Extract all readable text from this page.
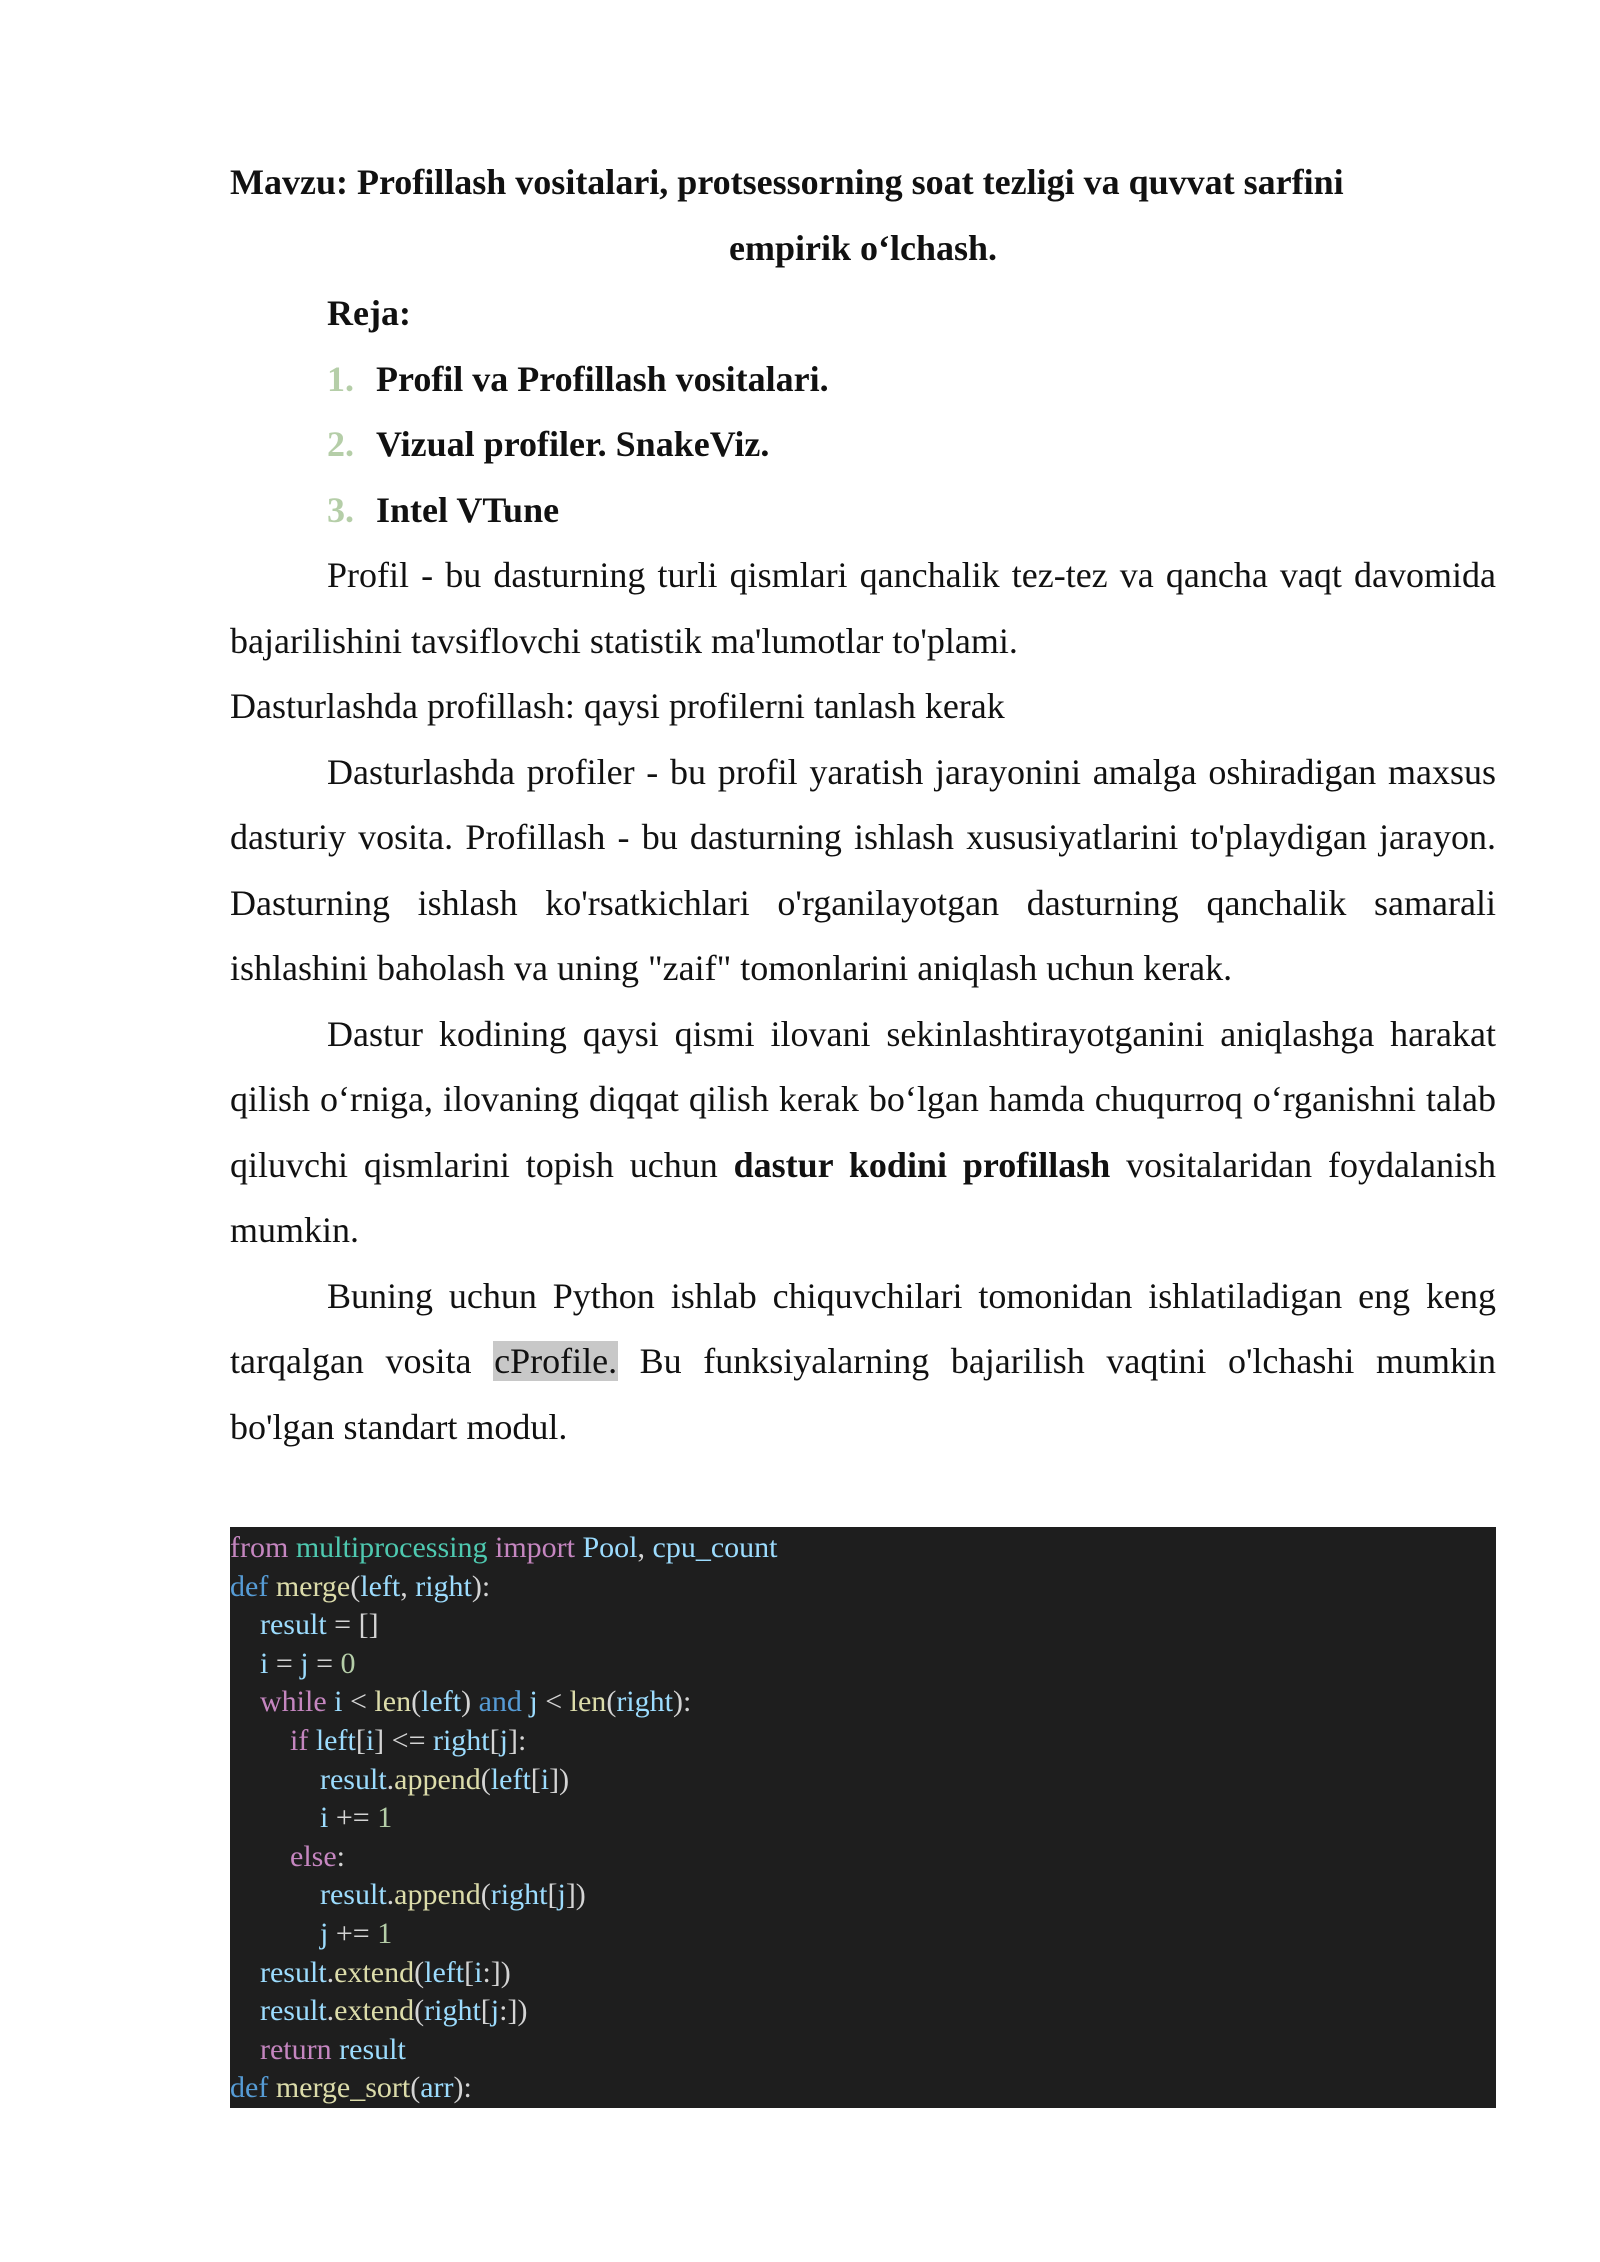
Mavzu: Profillash vositalari, protsessorning soat tezligi va quvvat sarfini
empirik o‘lchash.
Reja:
1. Profil va Profillash vositalari.
2. Vizual profiler. SnakeViz.
3. Intel VTune

Profil - bu dasturning turli qismlari qanchalik tez-tez va qancha vaqt davomida bajarilishini tavsiflovchi statistik ma'lumotlar to'plami.

Dasturlashda profillash: qaysi profilerni tanlash kerak

Dasturlashda profiler - bu profil yaratish jarayonini amalga oshiradigan maxsus dasturiy vosita. Profillash - bu dasturning ishlash xususiyatlarini to'playdigan jarayon. Dasturning ishlash ko'rsatkichlari o'rganilayotgan dasturning qanchalik samarali ishlashini baholash va uning "zaif" tomonlarini aniqlash uchun kerak.

Dastur kodining qaysi qismi ilovani sekinlashtirayotganini aniqlashga harakat qilish o‘rniga, ilovaning diqqat qilish kerak bo‘lgan hamda chuqurroq o‘rganishni talab qiluvchi qismlarini topish uchun dastur kodini profillash vositalaridan foydalanish mumkin.

Buning uchun Python ishlab chiquvchilari tomonidan ishlatiladigan eng keng tarqalgan vosita cProfile. Bu funksiyalarning bajarilish vaqtini o'lchashi mumkin bo'lgan standart modul.

from multiprocessing import Pool, cpu_count
def merge(left, right):
result = []
i = j = 0
while i < len(left) and j < len(right):
if left[i] <= right[j]:
result.append(left[i])
i += 1
else:
result.append(right[j])
j += 1
result.extend(left[i:])
result.extend(right[j:])
return result
def merge_sort(arr):
